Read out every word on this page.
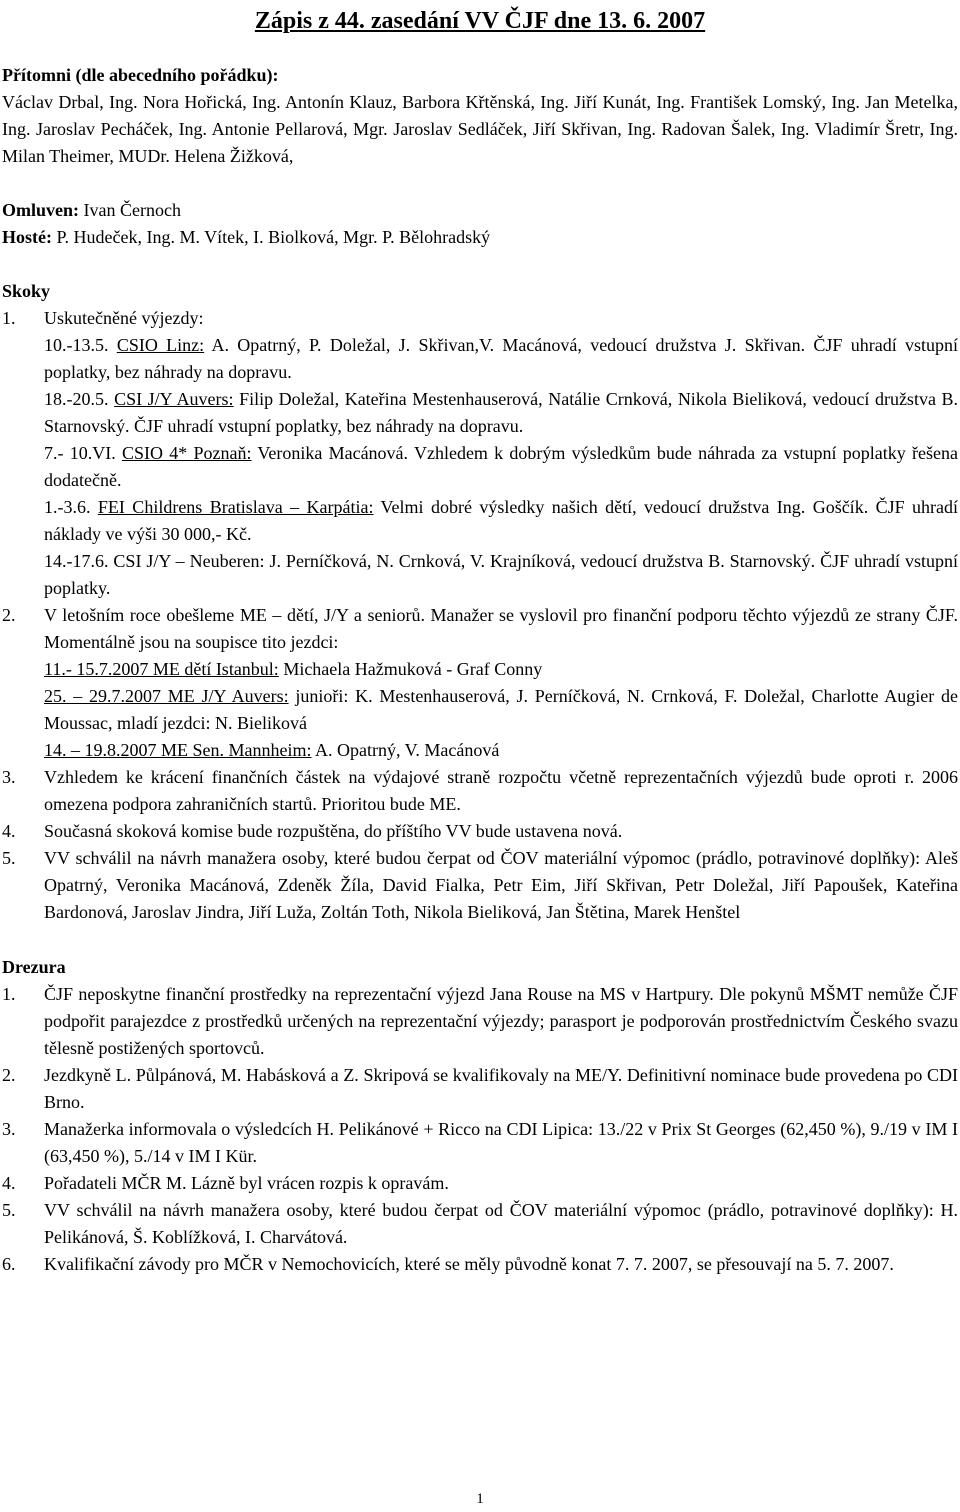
Zápis z 44. zasedání VV ČJF dne 13. 6. 2007

Přítomni (dle abecedního pořádku):

Václav Drbal, Ing. Nora Hořická, Ing. Antonín Klauz, Barbora Křtěnská, Ing. Jiří Kunát, Ing. František Lomský, Ing. Jan Metelka, Ing. Jaroslav Pecháček, Ing. Antonie Pellarová, Mgr. Jaroslav Sedláček, Jiří Skřivan, Ing. Radovan Šalek, Ing. Vladimír Šretr, Ing. Milan Theimer, MUDr. Helena Žižková,

Omluven: Ivan Černoch

Hosté: P. Hudeček, Ing. M. Vítek, I. Biolková, Mgr. P. Bělohradský

Skoky

1.	Uskutečněné výjezdy:

10.-13.5. CSIO Linz: A. Opatrný, P. Doležal, J. Skřivan,V. Macánová, vedoucí družstva J. Skřivan. ČJF uhradí vstupní poplatky, bez náhrady na dopravu.

18.-20.5. CSI J/Y Auvers: Filip Doležal, Kateřina Mestenhauserová, Natálie Crnková, Nikola Bieliková, vedoucí družstva B. Starnovský. ČJF uhradí vstupní poplatky, bez náhrady na dopravu.

7.- 10.VI. CSIO 4* Poznaň: Veronika Macánová. Vzhledem k dobrým výsledkům bude náhrada za vstupní poplatky řešena dodatečně.

1.-3.6. FEI Childrens Bratislava – Karpátia: Velmi dobré výsledky našich dětí, vedoucí družstva Ing. Goščík. ČJF uhradí náklady ve výši 30 000,- Kč.

14.-17.6. CSI J/Y – Neuberen: J. Perníčková, N. Crnková, V. Krajníková, vedoucí družstva B. Starnovský. ČJF uhradí vstupní poplatky.

2.	V letošním roce obešleme ME – dětí, J/Y a seniorů. Manažer se vyslovil pro finanční podporu těchto výjezdů ze strany ČJF. Momentálně jsou na soupisce tito jezdci:

11.- 15.7.2007 ME dětí Istanbul: Michaela Hažmuková - Graf Conny

25. – 29.7.2007 ME J/Y Auvers: junioři: K. Mestenhauserová, J. Perníčková, N. Crnková, F. Doležal, Charlotte Augier de Moussac, mladí jezdci: N. Bieliková

14. – 19.8.2007 ME Sen. Mannheim: A. Opatrný, V. Macánová

3.	Vzhledem ke krácení finančních částek na výdajové straně rozpočtu včetně reprezentačních výjezdů bude oproti r. 2006 omezena podpora zahraničních startů. Prioritou bude ME.
4.	Současná skoková komise bude rozpuštěna, do příštího VV bude ustavena nová.
5.	VV schválil na návrh manažera osoby, které budou čerpat od ČOV materiální výpomoc (prádlo, potravinové doplňky): Aleš Opatrný, Veronika Macánová, Zdeněk Žíla, David Fialka, Petr Eim, Jiří Skřivan, Petr Doležal, Jiří Papoušek, Kateřina Bardonová, Jaroslav Jindra, Jiří Luža, Zoltán Toth, Nikola Bieliková, Jan Štětina, Marek Henštel

Drezura

1.	ČJF neposkytne finanční prostředky na reprezentační výjezd Jana Rouse na MS v Hartpury. Dle pokynů MŠMT nemůže ČJF podpořit parajezdce z prostředků určených na reprezentační výjezdy; parasport je podporován prostřednictvím Českého svazu tělesně postižených sportovců.
2.	Jezdkyně L. Půlpánová, M. Habásková a Z. Skripová se kvalifikovaly na ME/Y. Definitivní nominace bude provedena po CDI Brno.
3.	Manažerka informovala o výsledcích H. Pelikánové + Ricco na CDI Lipica: 13./22 v Prix St Georges (62,450 %), 9./19 v IM I (63,450 %), 5./14 v IM I Kür.
4.	Pořadateli MČR M. Lázně byl vrácen rozpis k opravám.
5.	VV schválil na návrh manažera osoby, které budou čerpat od ČOV materiální výpomoc (prádlo, potravinové doplňky): H. Pelikánová, Š. Koblížková, I. Charvátová.
6.	Kvalifikační závody pro MČR v Nemochovicích, které se měly původně konat 7. 7. 2007, se přesouvají na 5. 7. 2007.
1
